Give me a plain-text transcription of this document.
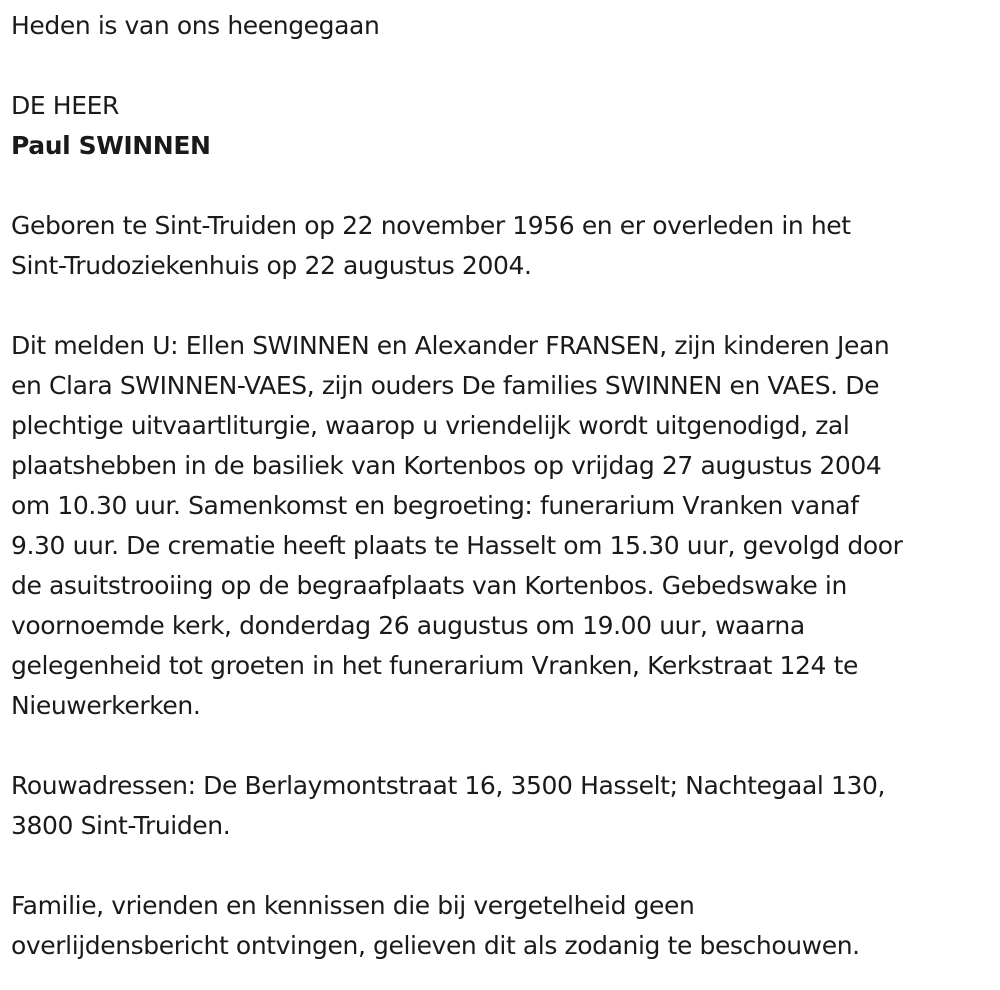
Heden is van ons heengegaan
DE HEER
Paul SWINNEN
Geboren te Sint-Truiden op 22 november 1956 en er overleden in het
Sint-Trudoziekenhuis op 22 augustus 2004.
Dit melden U: Ellen SWINNEN en Alexander FRANSEN, zijn kinderen Jean
en Clara SWINNEN-VAES, zijn ouders De families SWINNEN en VAES. De
plechtige uitvaartliturgie, waarop u vriendelijk wordt uitgenodigd, zal
plaatshebben in de basiliek van Kortenbos op vrijdag 27 augustus 2004
om 10.30 uur. Samenkomst en begroeting: funerarium Vranken vanaf
9.30 uur. De crematie heeft plaats te Hasselt om 15.30 uur, gevolgd door
de asuitstrooiing op de begraafplaats van Kortenbos. Gebedswake in
voornoemde kerk, donderdag 26 augustus om 19.00 uur, waarna
gelegenheid tot groeten in het funerarium Vranken, Kerkstraat 124 te
Nieuwerkerken.
Rouwadressen: De Berlaymontstraat 16, 3500 Hasselt; Nachtegaal 130,
3800 Sint-Truiden.
Familie, vrienden en kennissen die bij vergetelheid geen
overlijdensbericht ontvingen, gelieven dit als zodanig te beschouwen.
